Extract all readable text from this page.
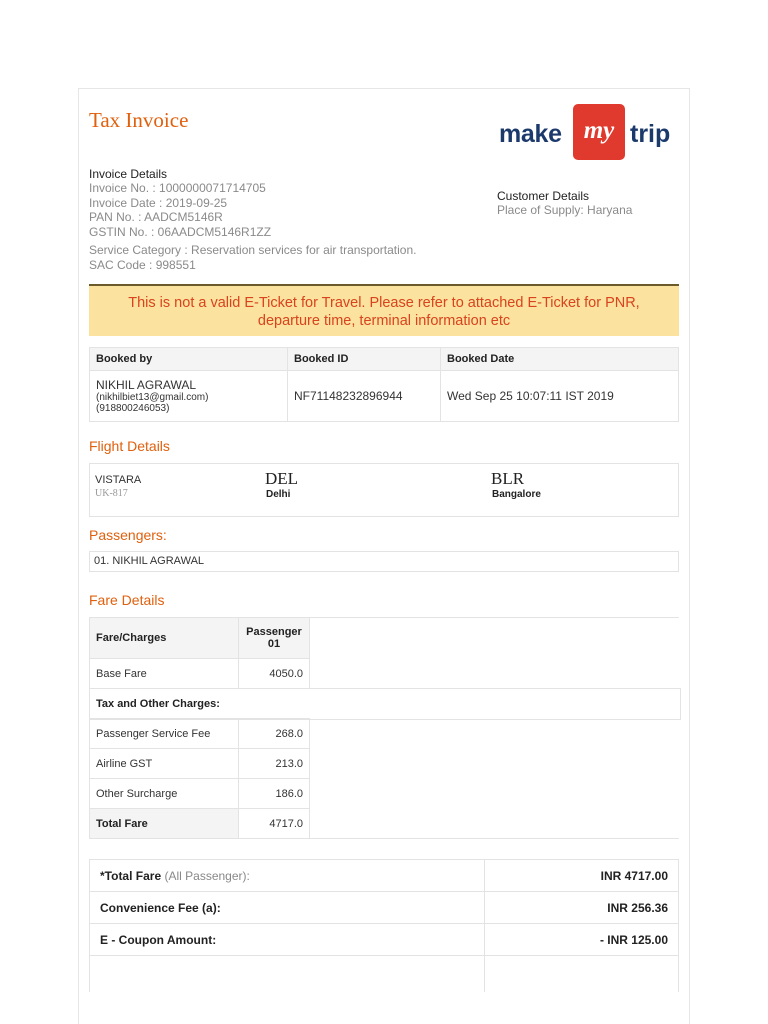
Tax Invoice	make my trip
Invoice Details
Invoice No. : 1000000071714705
Invoice Date : 2019-09-25
PAN No. : AADCM5146R
GSTIN No. : 06AADCM5146R1ZZ
Service Category : Reservation services for air transportation.
SAC Code : 998551
Customer Details
Place of Supply: Haryana
This is not a valid E-Ticket for Travel. Please refer to attached E-Ticket for PNR,
departure time, terminal information etc
Booked by	Booked ID	Booked Date

NIKHIL AGRAWAL
(nikhilbiet13@gmail.com)
(918800246053)	NF71148232896944	Wed Sep 25 10:07:11 IST 2019
Flight Details
VISTARA
UK-817
DEL
Delhi
BLR
Bangalore
Passengers:
01. NIKHIL AGRAWAL
Fare Details
Fare/Charges	Passenger
01

Base Fare	4050.0
Tax and Other Charges:	

Passenger Service Fee	268.0
Airline GST	213.0
Other Surcharge	186.0
Total Fare	4717.0
*Total Fare (All Passenger):	INR 4717.00
Convenience Fee (a):	INR 256.36
E - Coupon Amount:	- INR 125.00
